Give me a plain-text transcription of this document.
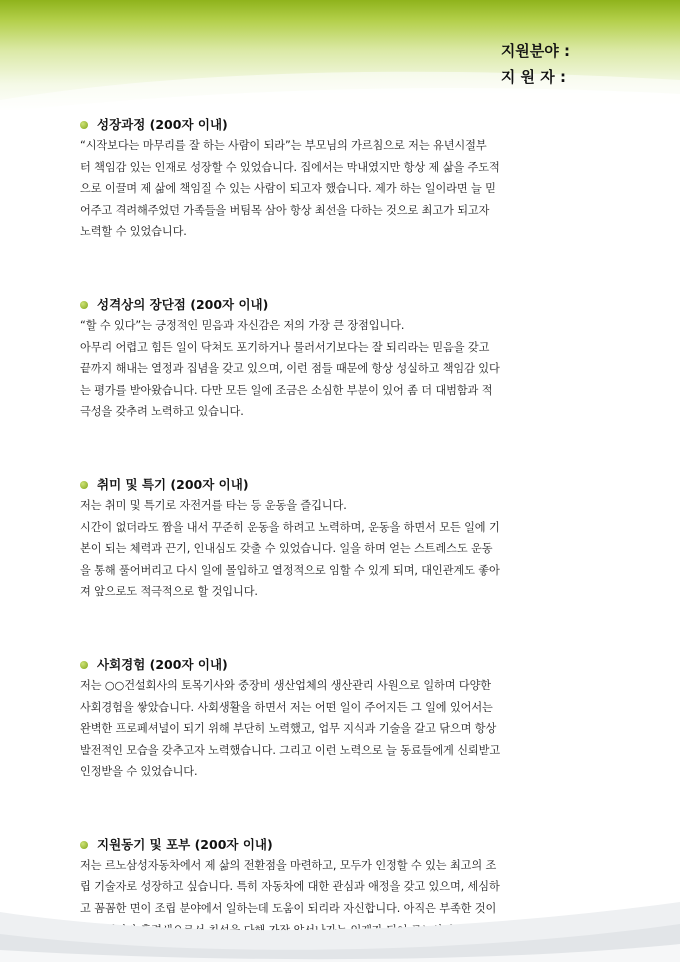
지원분야 :
지 원 자 :
성장과정 (200자 이내)
“시작보다는 마무리를 잘 하는 사람이 되라”는 부모님의 가르침으로 저는 유년시절부
터 책임감 있는 인재로 성장할 수 있었습니다. 집에서는 막내였지만 항상 제 삶을 주도적
으로 이끌며 제 삶에 책임질 수 있는 사람이 되고자 했습니다. 제가 하는 일이라면 늘 믿
어주고 격려해주었던 가족들을 버팀목 삼아 항상 최선을 다하는 것으로 최고가 되고자
노력할 수 있었습니다.
성격상의 장단점 (200자 이내)
“할 수 있다”는 긍정적인 믿음과 자신감은 저의 가장 큰 장점입니다.
아무리 어렵고 힘든 일이 닥쳐도 포기하거나 물러서기보다는 잘 되리라는 믿음을 갖고
끝까지 해내는 열정과 집념을 갖고 있으며, 이런 점들 때문에 항상 성실하고 책임감 있다
는 평가를 받아왔습니다. 다만 모든 일에 조금은 소심한 부분이 있어 좀 더 대범함과 적
극성을 갖추려 노력하고 있습니다.
취미 및 특기 (200자 이내)
저는 취미 및 특기로 자전거를 타는 등 운동을 즐깁니다.
시간이 없더라도 짬을 내서 꾸준히 운동을 하려고 노력하며, 운동을 하면서 모든 일에 기
본이 되는 체력과 끈기, 인내심도 갖출 수 있었습니다. 일을 하며 얻는 스트레스도 운동
을 통해 풀어버리고 다시 일에 몰입하고 열정적으로 임할 수 있게 되며, 대인관계도 좋아
져 앞으로도 적극적으로 할 것입니다.
사회경험 (200자 이내)
저는 ○○건설회사의 토목기사와 중장비 생산업체의 생산관리 사원으로 일하며 다양한
사회경험을 쌓았습니다. 사회생활을 하면서 저는 어떤 일이 주어지든 그 일에 있어서는
완벽한 프로페셔널이 되기 위해 부단히 노력했고, 업무 지식과 기술을 갈고 닦으며 항상
발전적인 모습을 갖추고자 노력했습니다. 그리고 이런 노력으로 늘 동료들에게 신뢰받고
인정받을 수 있었습니다.
지원동기 및 포부 (200자 이내)
저는 르노삼성자동차에서 제 삶의 전환점을 마련하고, 모두가 인정할 수 있는 최고의 조
립 기술자로 성장하고 싶습니다. 특히 자동차에 대한 관심과 애정을 갖고 있으며, 세심하
고 꼼꼼한 면이 조립 분야에서 일하는데 도움이 되리라 자신합니다. 아직은 부족한 것이
